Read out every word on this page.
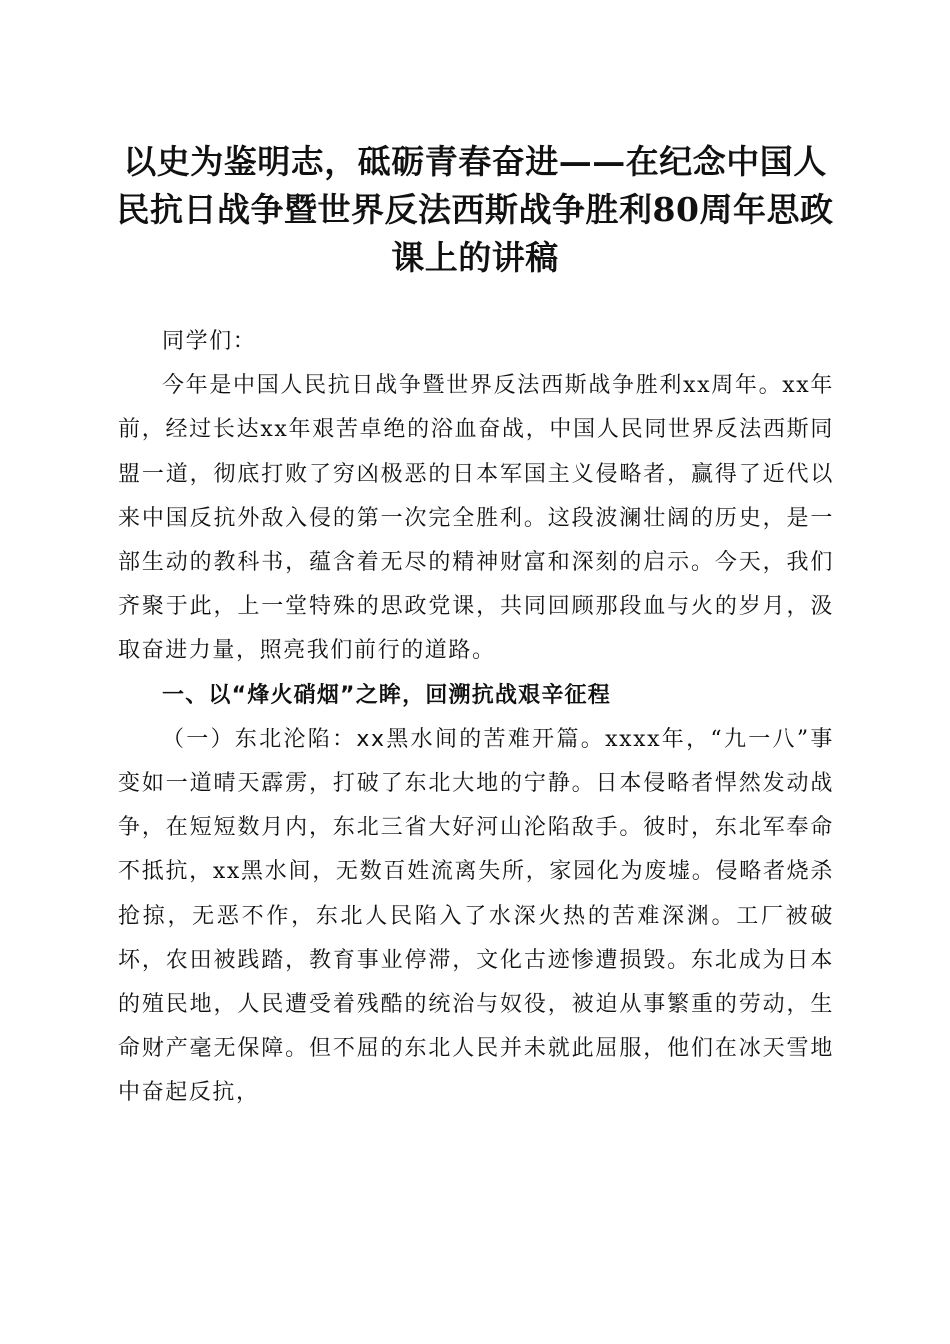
以史为鉴明志，砥砺青春奋进——在纪念中国人民抗日战争暨世界反法西斯战争胜利80周年思政课上的讲稿

同学们：

今年是中国人民抗日战争暨世界反法西斯战争胜利xx周年。xx年前，经过长达xx年艰苦卓绝的浴血奋战，中国人民同世界反法西斯同盟一道，彻底打败了穷凶极恶的日本军国主义侵略者，赢得了近代以来中国反抗外敌入侵的第一次完全胜利。这段波澜壮阔的历史，是一部生动的教科书，蕴含着无尽的精神财富和深刻的启示。今天，我们齐聚于此，上一堂特殊的思政党课，共同回顾那段血与火的岁月，汲取奋进力量，照亮我们前行的道路。

一、以“烽火硝烟”之眸，回溯抗战艰辛征程

（一）东北沦陷：xx黑水间的苦难开篇。xxxx年，“九一八”事变如一道晴天霹雳，打破了东北大地的宁静。日本侵略者悍然发动战争，在短短数月内，东北三省大好河山沦陷敌手。彼时，东北军奉命不抵抗，xx黑水间，无数百姓流离失所，家园化为废墟。侵略者烧杀抢掠，无恶不作，东北人民陷入了水深火热的苦难深渊。工厂被破坏，农田被践踏，教育事业停滞，文化古迹惨遭损毁。东北成为日本的殖民地，人民遭受着残酷的统治与奴役，被迫从事繁重的劳动，生命财产毫无保障。但不屈的东北人民并未就此屈服，他们在冰天雪地中奋起反抗，
